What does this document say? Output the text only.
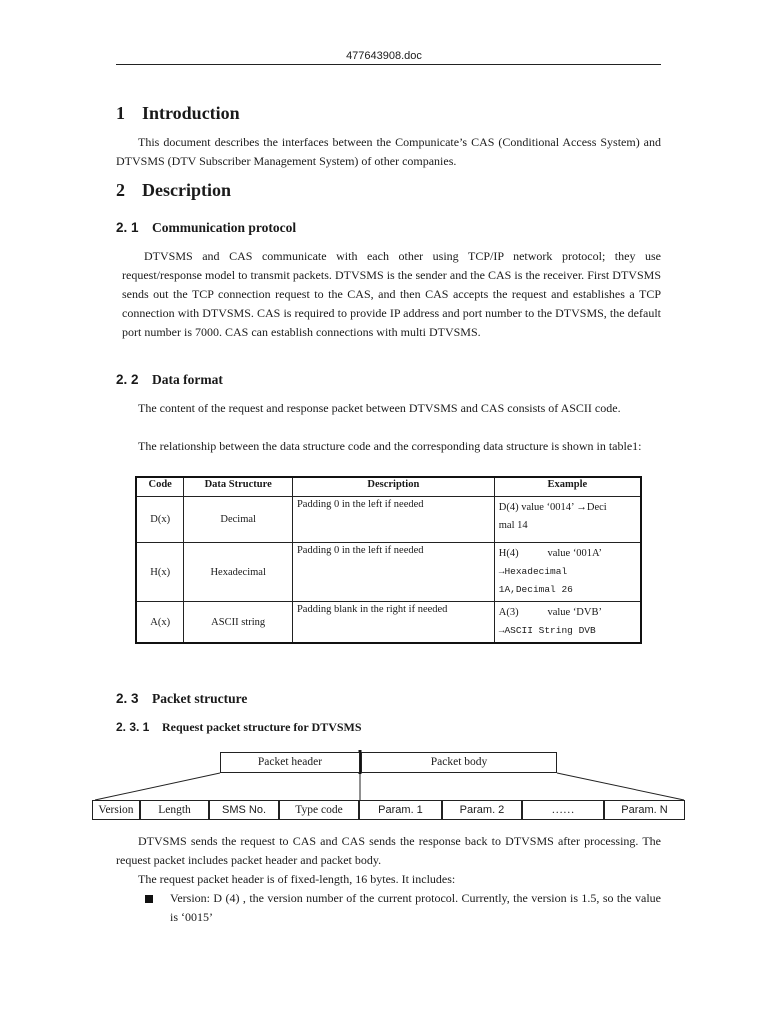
477643908.doc
1 Introduction
This document describes the interfaces between the Compunicate’s CAS (Conditional Access System) and DTVSMS (DTV Subscriber Management System) of other companies.
2 Description
2. 1 Communication protocol
DTVSMS and CAS communicate with each other using TCP/IP network protocol; they use request/response model to transmit packets. DTVSMS is the sender and the CAS is the receiver. First DTVSMS sends out the TCP connection request to the CAS, and then CAS accepts the request and establishes a TCP connection with DTVSMS. CAS is required to provide IP address and port number to the DTVSMS, the default port number is 7000. CAS can establish connections with multi DTVSMS.
2. 2 Data format
The content of the request and response packet between DTVSMS and CAS consists of ASCII code.
The relationship between the data structure code and the corresponding data structure is shown in table1:
Code	Data Structure	Description	Example
D(x)	Decimal	Padding 0 in the left if needed	D(4) value ‘0014’ →Deci
mal 14

H(x)	Hexadecimal	Padding 0 in the left if needed	H(4)           value ‘001A’
→Hexadecimal
1A,Decimal 26

A(x)	ASCII string	Padding blank in the right if needed	A(3)           value ‘DVB’
→ASCII String DVB
2. 3 Packet structure
2. 3. 1 Request packet structure for DTVSMS
Packet header	Packet body
Version	Length	SMS No.	Type code	Param. 1	Param. 2	……	Param. N
DTVSMS sends the request to CAS and CAS sends the response back to DTVSMS after processing. The request packet includes packet header and packet body.
The request packet header is of fixed-length, 16 bytes. It includes:
Version: D (4) , the version number of the current protocol. Currently, the version is 1.5, so the value is ‘0015’
